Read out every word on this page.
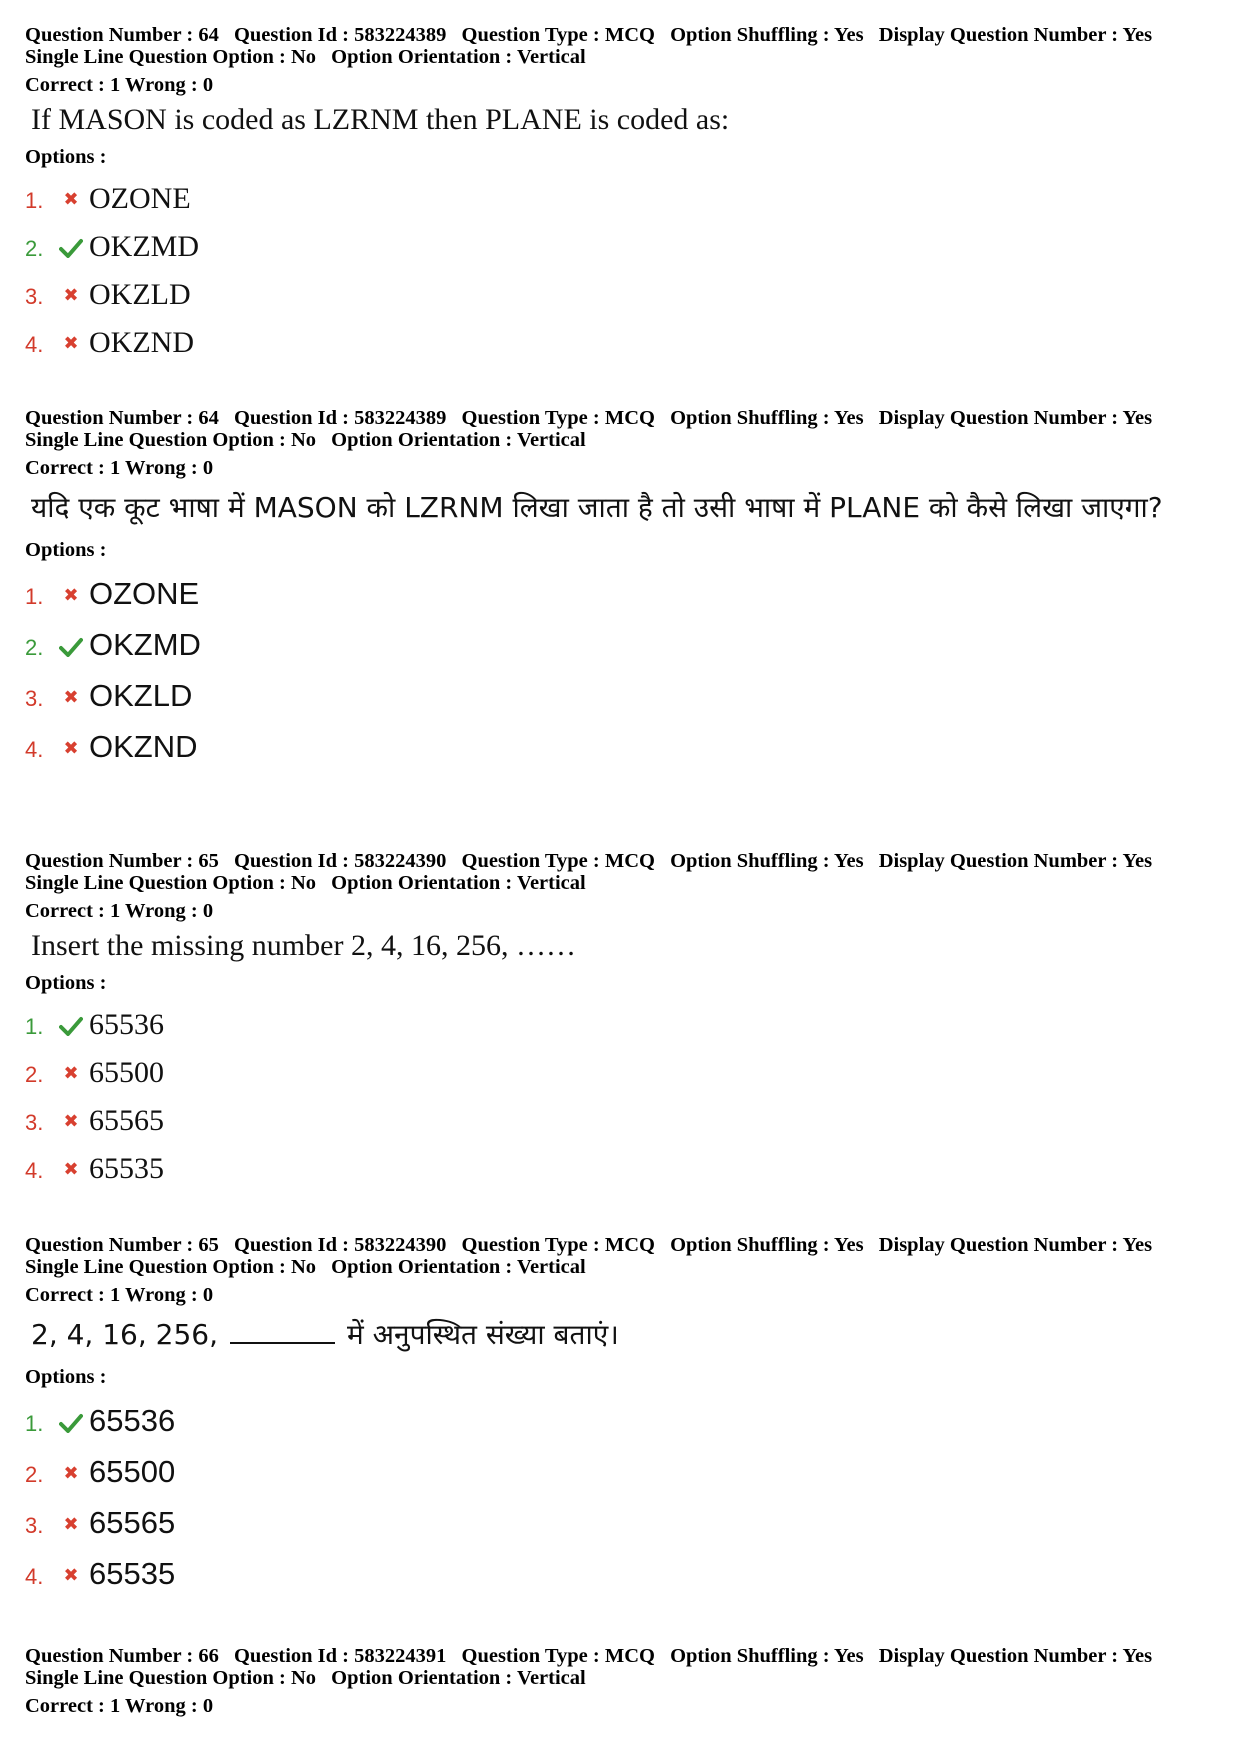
Question Number : 64 Question Id : 583224389 Question Type : MCQ Option Shuffling : Yes Display Question Number : Yes
Single Line Question Option : No Option Orientation : Vertical
Correct : 1 Wrong : 0
If MASON is coded as LZRNM then PLANE is coded as:
Options :
1.	✖ OZONE
2.	OKZMD
3.	✖ OKZLD
4.	✖ OKZND
Question Number : 64 Question Id : 583224389 Question Type : MCQ Option Shuffling : Yes Display Question Number : Yes
Single Line Question Option : No Option Orientation : Vertical
Correct : 1 Wrong : 0
यदि एक कूट भाषा में MASON को LZRNM लिखा जाता है तो उसी भाषा में PLANE को कैसे लिखा जाएगा?
Options :
1.	✖ OZONE
2.	OKZMD
3.	✖ OKZLD
4.	✖ OKZND
Question Number : 65 Question Id : 583224390 Question Type : MCQ Option Shuffling : Yes Display Question Number : Yes
Single Line Question Option : No Option Orientation : Vertical
Correct : 1 Wrong : 0
Insert the missing number 2, 4, 16, 256, ……
Options :
1.	65536
2.	✖ 65500
3.	✖ 65565
4.	✖ 65535
Question Number : 65 Question Id : 583224390 Question Type : MCQ Option Shuffling : Yes Display Question Number : Yes
Single Line Question Option : No Option Orientation : Vertical
Correct : 1 Wrong : 0
2, 4, 16, 256,	में अनुपस्थित संख्या बताएं।
Options :
1.	65536
2.	✖ 65500
3.	✖ 65565
4.	✖ 65535
Question Number : 66 Question Id : 583224391 Question Type : MCQ Option Shuffling : Yes Display Question Number : Yes
Single Line Question Option : No Option Orientation : Vertical
Correct : 1 Wrong : 0
